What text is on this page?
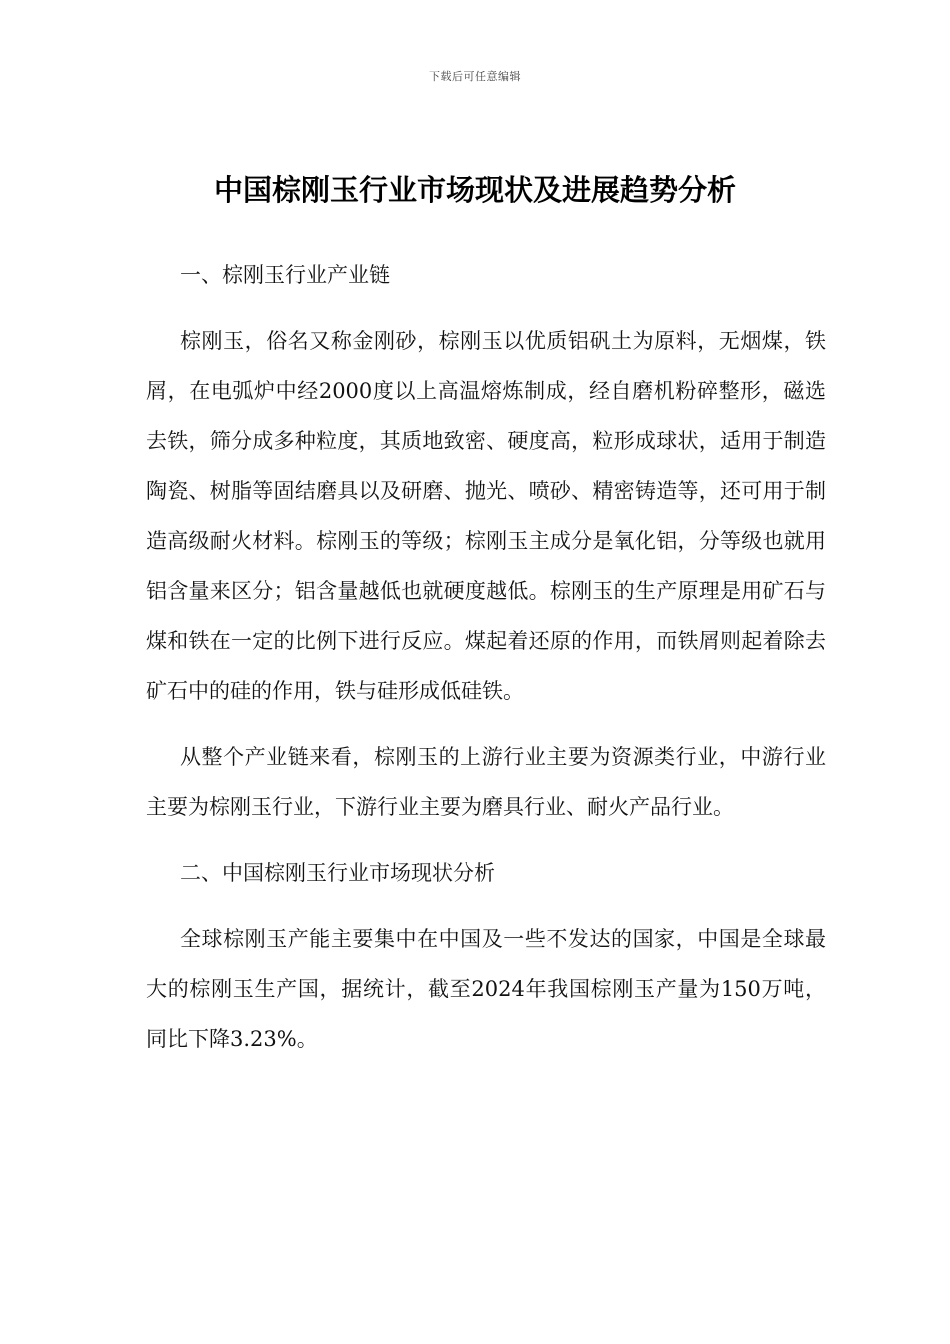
下载后可任意编辑
中国棕刚玉行业市场现状及进展趋势分析

一、棕刚玉行业产业链

棕刚玉，俗名又称金刚砂，棕刚玉以优质铝矾土为原料，无烟煤，铁屑，在电弧炉中经2000度以上高温熔炼制成，经自磨机粉碎整形，磁选去铁，筛分成多种粒度，其质地致密、硬度高，粒形成球状，适用于制造陶瓷、树脂等固结磨具以及研磨、抛光、喷砂、精密铸造等，还可用于制造高级耐火材料。棕刚玉的等级；棕刚玉主成分是氧化铝，分等级也就用铝含量来区分；铝含量越低也就硬度越低。棕刚玉的生产原理是用矿石与煤和铁在一定的比例下进行反应。煤起着还原的作用，而铁屑则起着除去矿石中的硅的作用，铁与硅形成低硅铁。

从整个产业链来看，棕刚玉的上游行业主要为资源类行业，中游行业主要为棕刚玉行业，下游行业主要为磨具行业、耐火产品行业。

二、中国棕刚玉行业市场现状分析

全球棕刚玉产能主要集中在中国及一些不发达的国家，中国是全球最大的棕刚玉生产国，据统计，截至2024年我国棕刚玉产量为150万吨，同比下降3.23%。
